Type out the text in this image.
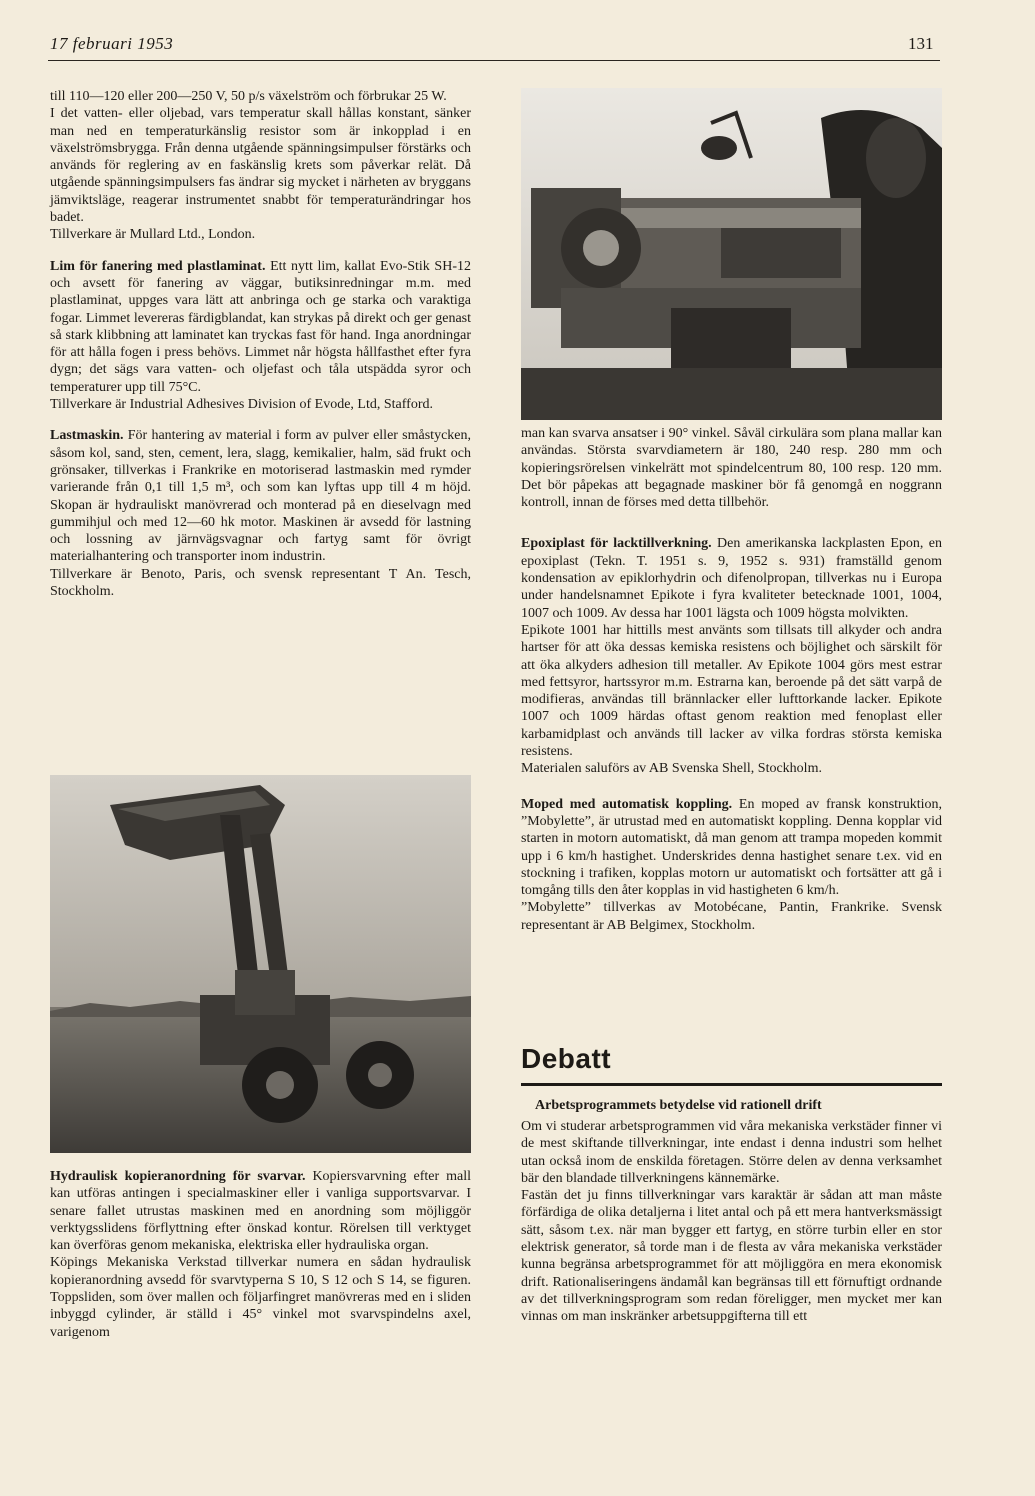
17 februari 1953	131

till 110—120 eller 200—250 V, 50 p/s växelström och förbrukar 25 W.

I det vatten- eller oljebad, vars temperatur skall hållas konstant, sänker man ned en temperaturkänslig resistor som är inkopplad i en växelströmsbrygga. Från denna utgående spänningsimpulser förstärks och används för reglering av en faskänslig krets som påverkar relät. Då utgående spänningsimpulsers fas ändrar sig mycket i närheten av bryggans jämviktsläge, reagerar instrumentet snabbt för temperaturändringar hos badet.

Tillverkare är Mullard Ltd., London.

Lim för fanering med plastlaminat. Ett nytt lim, kallat Evo-Stik SH-12 och avsett för fanering av väggar, butiksinredningar m.m. med plastlaminat, uppges vara lätt att anbringa och ge starka och varaktiga fogar. Limmet levereras färdigblandat, kan strykas på direkt och ger genast så stark klibbning att laminatet kan tryckas fast för hand. Inga anordningar för att hålla fogen i press behövs. Limmet når högsta hållfasthet efter fyra dygn; det sägs vara vatten- och oljefast och tåla utspädda syror och temperaturer upp till 75°C.

Tillverkare är Industrial Adhesives Division of Evode, Ltd, Stafford.

Lastmaskin. För hantering av material i form av pulver eller småstycken, såsom kol, sand, sten, cement, lera, slagg, kemikalier, halm, säd frukt och grönsaker, tillverkas i Frankrike en motoriserad lastmaskin med rymder varierande från 0,1 till 1,5 m³, och som kan lyftas upp till 4 m höjd. Skopan är hydrauliskt manövrerad och monterad på en dieselvagn med gummihjul och med 12—60 hk motor. Maskinen är avsedd för lastning och lossning av järnvägsvagnar och fartyg samt för övrigt materialhantering och transporter inom industrin.

Tillverkare är Benoto, Paris, och svensk representant T An. Tesch, Stockholm.

Hydraulisk kopieranordning för svarvar. Kopiersvarvning efter mall kan utföras antingen i specialmaskiner eller i vanliga supportsvarvar. I senare fallet utrustas maskinen med en anordning som möjliggör verktygsslidens förflyttning efter önskad kontur. Rörelsen till verktyget kan överföras genom mekaniska, elektriska eller hydrauliska organ.

Köpings Mekaniska Verkstad tillverkar numera en sådan hydraulisk kopieranordning avsedd för svarvtyperna S 10, S 12 och S 14, se figuren. Toppsliden, som över mallen och följarfingret manövreras med en i sliden inbyggd cylinder, är ställd i 45° vinkel mot svarvspindelns axel, varigenom

man kan svarva ansatser i 90° vinkel. Såväl cirkulära som plana mallar kan användas. Största svarvdiametern är 180, 240 resp. 280 mm och kopieringsrörelsen vinkelrätt mot spindelcentrum 80, 100 resp. 120 mm. Det bör påpekas att begagnade maskiner bör få genomgå en noggrann kontroll, innan de förses med detta tillbehör.

Epoxiplast för lacktillverkning. Den amerikanska lackplasten Epon, en epoxiplast (Tekn. T. 1951 s. 9, 1952 s. 931) framställd genom kondensation av epiklorhydrin och difenolpropan, tillverkas nu i Europa under handelsnamnet Epikote i fyra kvaliteter betecknade 1001, 1004, 1007 och 1009. Av dessa har 1001 lägsta och 1009 högsta molvikten.

Epikote 1001 har hittills mest använts som tillsats till alkyder och andra hartser för att öka dessas kemiska resistens och böjlighet och särskilt för att öka alkyders adhesion till metaller. Av Epikote 1004 görs mest estrar med fettsyror, hartssyror m.m. Estrarna kan, beroende på det sätt varpå de modifieras, användas till brännlacker eller lufttorkande lacker. Epikote 1007 och 1009 härdas oftast genom reaktion med fenoplast eller karbamidplast och används till lacker av vilka fordras största kemiska resistens.

Materialen saluförs av AB Svenska Shell, Stockholm.

Moped med automatisk koppling. En moped av fransk konstruktion, ”Mobylette”, är utrustad med en automatiskt koppling. Denna kopplar vid starten in motorn automatiskt, då man genom att trampa mopeden kommit upp i 6 km/h hastighet. Underskrides denna hastighet senare t.ex. vid en stockning i trafiken, kopplas motorn ur automatiskt och fortsätter att gå i tomgång tills den åter kopplas in vid hastigheten 6 km/h.

”Mobylette” tillverkas av Motobécane, Pantin, Frankrike. Svensk representant är AB Belgimex, Stockholm.

Debatt
Arbetsprogrammets betydelse vid rationell drift

Om vi studerar arbetsprogrammen vid våra mekaniska verkstäder finner vi de mest skiftande tillverkningar, inte endast i denna industri som helhet utan också inom de enskilda företagen. Större delen av denna verksamhet bär den blandade tillverkningens kännemärke.

Fastän det ju finns tillverkningar vars karaktär är sådan att man måste förfärdiga de olika detaljerna i litet antal och på ett mera hantverksmässigt sätt, såsom t.ex. när man bygger ett fartyg, en större turbin eller en stor elektrisk generator, så torde man i de flesta av våra mekaniska verkstäder kunna begränsa arbetsprogrammet för att möjliggöra en mera ekonomisk drift. Rationaliseringens ändamål kan begränsas till ett förnuftigt ordnande av det tillverkningsprogram som redan föreligger, men mycket mer kan vinnas om man inskränker arbetsuppgifterna till ett
